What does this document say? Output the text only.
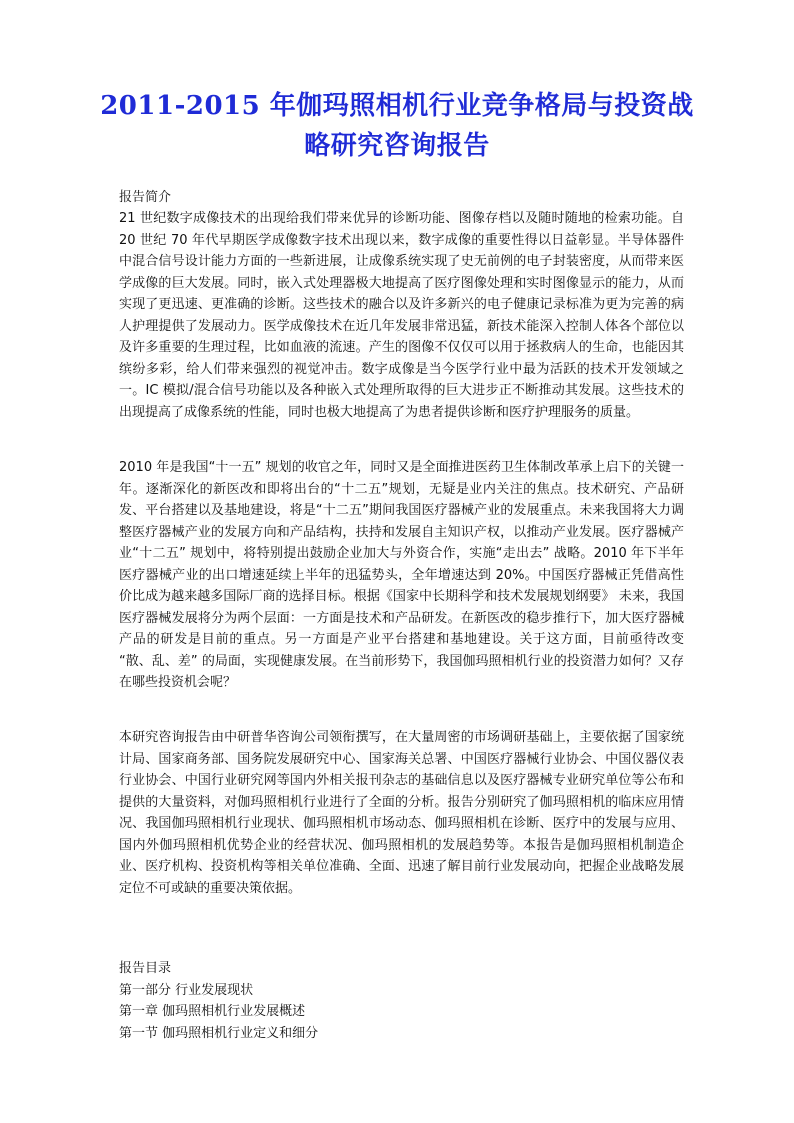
2011-2015 年伽玛照相机行业竞争格局与投资战略研究咨询报告
报告简介

21 世纪数字成像技术的出现给我们带来优异的诊断功能、图像存档以及随时随地的检索功能。自 20 世纪 70 年代早期医学成像数字技术出现以来，数字成像的重要性得以日益彰显。半导体器件中混合信号设计能力方面的一些新进展，让成像系统实现了史无前例的电子封装密度，从而带来医学成像的巨大发展。同时，嵌入式处理器极大地提高了医疗图像处理和实时图像显示的能力，从而实现了更迅速、更准确的诊断。这些技术的融合以及许多新兴的电子健康记录标准为更为完善的病人护理提供了发展动力。医学成像技术在近几年发展非常迅猛，新技术能深入控制人体各个部位以及许多重要的生理过程，比如血液的流速。产生的图像不仅仅可以用于拯救病人的生命，也能因其缤纷多彩，给人们带来强烈的视觉冲击。数字成像是当今医学行业中最为活跃的技术开发领域之一。IC 模拟/混合信号功能以及各种嵌入式处理所取得的巨大进步正不断推动其发展。这些技术的出现提高了成像系统的性能，同时也极大地提高了为患者提供诊断和医疗护理服务的质量。

2010 年是我国“十一五” 规划的收官之年，同时又是全面推进医药卫生体制改革承上启下的关键一年。逐渐深化的新医改和即将出台的“十二五”规划，无疑是业内关注的焦点。技术研究、产品研发、平台搭建以及基地建设，将是“十二五”期间我国医疗器械产业的发展重点。未来我国将大力调整医疗器械产业的发展方向和产品结构，扶持和发展自主知识产权，以推动产业发展。医疗器械产业“十二五” 规划中，将特别提出鼓励企业加大与外资合作，实施“走出去” 战略。2010 年下半年医疗器械产业的出口增速延续上半年的迅猛势头，全年增速达到 20%。中国医疗器械正凭借高性价比成为越来越多国际厂商的选择目标。根据《国家中长期科学和技术发展规划纲要》 未来，我国医疗器械发展将分为两个层面：一方面是技术和产品研发。在新医改的稳步推行下，加大医疗器械产品的研发是目前的重点。另一方面是产业平台搭建和基地建设。关于这方面，目前亟待改变 “散、乱、差” 的局面，实现健康发展。在当前形势下，我国伽玛照相机行业的投资潜力如何？又存在哪些投资机会呢？

本研究咨询报告由中研普华咨询公司领衔撰写，在大量周密的市场调研基础上，主要依据了国家统计局、国家商务部、国务院发展研究中心、国家海关总署、中国医疗器械行业协会、中国仪器仪表行业协会、中国行业研究网等国内外相关报刊杂志的基础信息以及医疗器械专业研究单位等公布和提供的大量资料，对伽玛照相机行业进行了全面的分析。报告分别研究了伽玛照相机的临床应用情况、我国伽玛照相机行业现状、伽玛照相机市场动态、伽玛照相机在诊断、医疗中的发展与应用、国内外伽玛照相机优势企业的经营状况、伽玛照相机的发展趋势等。本报告是伽玛照相机制造企业、医疗机构、投资机构等相关单位准确、全面、迅速了解目前行业发展动向，把握企业战略发展定位不可或缺的重要决策依据。

报告目录
第一部分 行业发展现状
第一章 伽玛照相机行业发展概述
第一节 伽玛照相机行业定义和细分
